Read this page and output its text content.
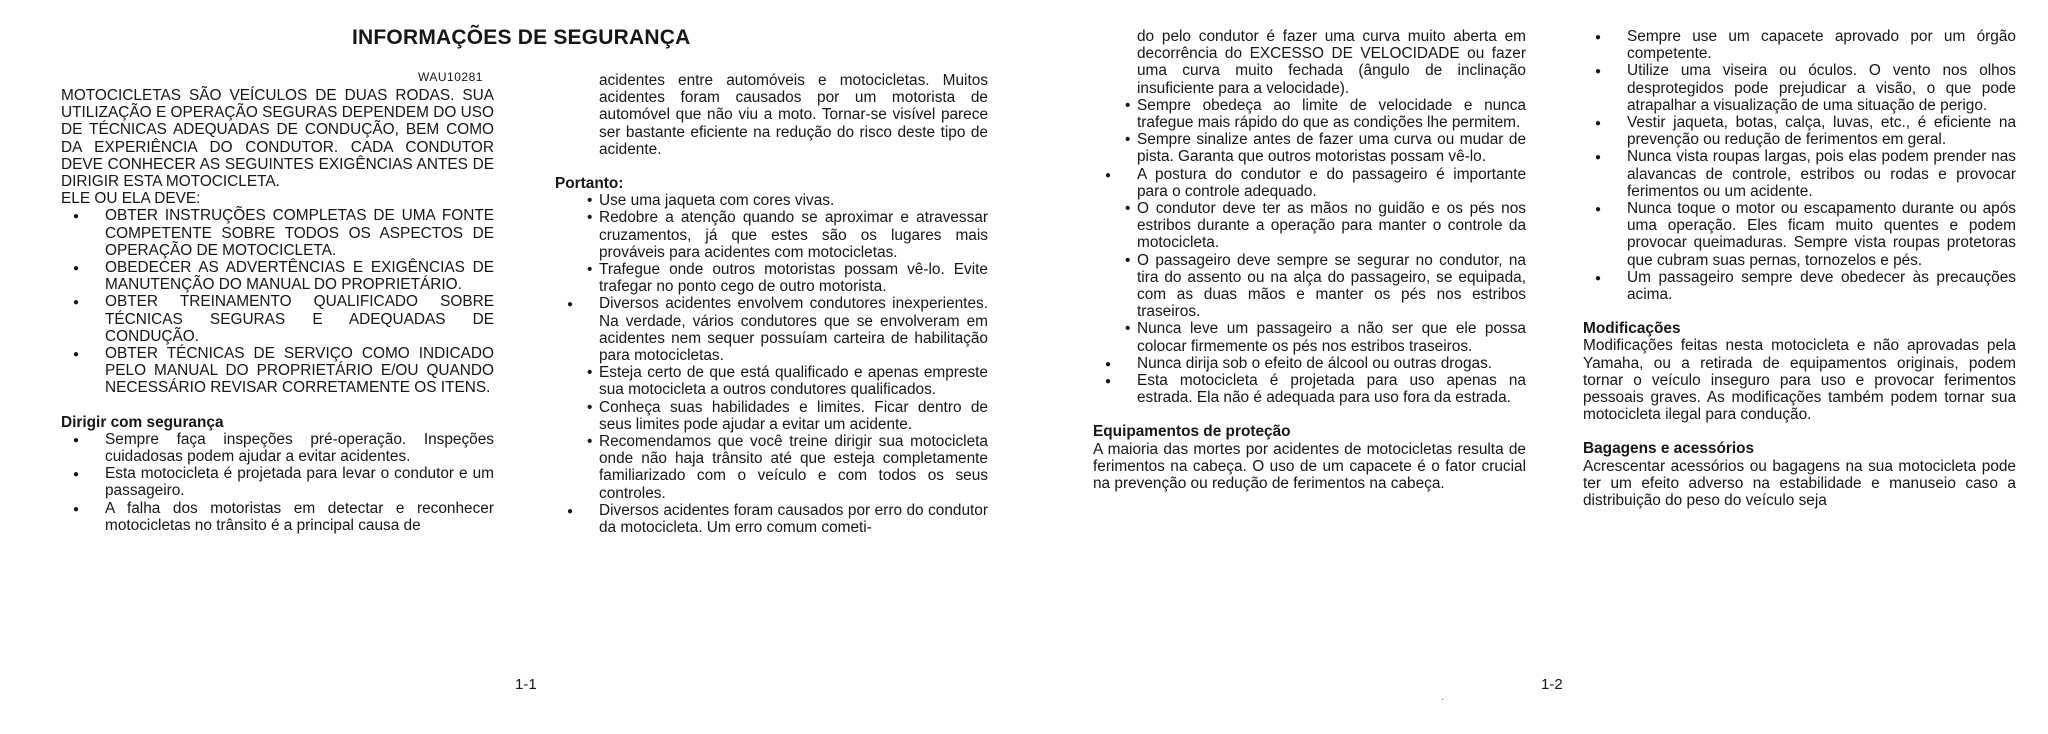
INFORMAÇÕES DE SEGURANÇA
WAU10281

MOTOCICLETAS SÃO VEÍCULOS DE DUAS RODAS. SUA UTILIZAÇÃO E OPERAÇÃO SEGURAS DEPENDEM DO USO DE TÉCNICAS ADEQUADAS DE CONDUÇÃO, BEM COMO DA EXPERIÊNCIA DO CONDUTOR. CADA CONDUTOR DEVE CONHECER AS SEGUINTES EXIGÊNCIAS ANTES DE DIRIGIR ESTA MOTOCICLETA.

ELE OU ELA DEVE:

● OBTER INSTRUÇÕES COMPLETAS DE UMA FONTE COMPETENTE SOBRE TODOS OS ASPECTOS DE OPERAÇÃO DE MOTOCICLETA.

● OBEDECER AS ADVERTÊNCIAS E EXIGÊNCIAS DE MANUTENÇÃO DO MANUAL DO PROPRIETÁRIO.

● OBTER TREINAMENTO QUALIFICADO SOBRE TÉCNICAS SEGURAS E ADEQUADAS DE CONDUÇÃO.

● OBTER TÉCNICAS DE SERVIÇO COMO INDICADO PELO MANUAL DO PROPRIETÁRIO E/OU QUANDO NECESSÁRIO REVISAR CORRETAMENTE OS ITENS.

Dirigir com segurança

● Sempre faça inspeções pré-operação. Inspeções cuidadosas podem ajudar a evitar acidentes.

● Esta motocicleta é projetada para levar o condutor e um passageiro.

● A falha dos motoristas em detectar e reconhecer motocicletas no trânsito é a principal causa de

acidentes entre automóveis e motocicletas. Muitos acidentes foram causados por um motorista de automóvel que não viu a moto. Tornar-se visível parece ser bastante eficiente na redução do risco deste tipo de acidente.

Portanto:

• Use uma jaqueta com cores vivas.

• Redobre a atenção quando se aproximar e atravessar cruzamentos, já que estes são os lugares mais prováveis para acidentes com motocicletas.

• Trafegue onde outros motoristas possam vê-lo. Evite trafegar no ponto cego de outro motorista.

● Diversos acidentes envolvem condutores inexperientes. Na verdade, vários condutores que se envolveram em acidentes nem sequer possuíam carteira de habilitação para motocicletas.

• Esteja certo de que está qualificado e apenas empreste sua motocicleta a outros condutores qualificados.

• Conheça suas habilidades e limites. Ficar dentro de seus limites pode ajudar a evitar um acidente.

• Recomendamos que você treine dirigir sua motocicleta onde não haja trânsito até que esteja completamente familiarizado com o veículo e com todos os seus controles.

● Diversos acidentes foram causados por erro do condutor da motocicleta. Um erro comum cometi-

1-1

do pelo condutor é fazer uma curva muito aberta em decorrência do EXCESSO DE VELOCIDADE ou fazer uma curva muito fechada (ângulo de inclinação insuficiente para a velocidade).

• Sempre obedeça ao limite de velocidade e nunca trafegue mais rápido do que as condições lhe permitem.

• Sempre sinalize antes de fazer uma curva ou mudar de pista. Garanta que outros motoristas possam vê-lo.

● A postura do condutor e do passageiro é importante para o controle adequado.

• O condutor deve ter as mãos no guidão e os pés nos estribos durante a operação para manter o controle da motocicleta.

• O passageiro deve sempre se segurar no condutor, na tira do assento ou na alça do passageiro, se equipada, com as duas mãos e manter os pés nos estribos traseiros.

• Nunca leve um passageiro a não ser que ele possa colocar firmemente os pés nos estribos traseiros.

● Nunca dirija sob o efeito de álcool ou outras drogas.

● Esta motocicleta é projetada para uso apenas na estrada. Ela não é adequada para uso fora da estrada.

Equipamentos de proteção

A maioria das mortes por acidentes de motocicletas resulta de ferimentos na cabeça. O uso de um capacete é o fator crucial na prevenção ou redução de ferimentos na cabeça.

● Sempre use um capacete aprovado por um órgão competente.

● Utilize uma viseira ou óculos. O vento nos olhos desprotegidos pode prejudicar a visão, o que pode atrapalhar a visualização de uma situação de perigo.

● Vestir jaqueta, botas, calça, luvas, etc., é eficiente na prevenção ou redução de ferimentos em geral.

● Nunca vista roupas largas, pois elas podem prender nas alavancas de controle, estribos ou rodas e provocar ferimentos ou um acidente.

● Nunca toque o motor ou escapamento durante ou após uma operação. Eles ficam muito quentes e podem provocar queimaduras. Sempre vista roupas protetoras que cubram suas pernas, tornozelos e pés.

● Um passageiro sempre deve obedecer às precauções acima.

Modificações

Modificações feitas nesta motocicleta e não aprovadas pela Yamaha, ou a retirada de equipamentos originais, podem tornar o veículo inseguro para uso e provocar ferimentos pessoais graves. As modificações também podem tornar sua motocicleta ilegal para condução.

Bagagens e acessórios

Acrescentar acessórios ou bagagens na sua motocicleta pode ter um efeito adverso na estabilidade e manuseio caso a distribuição do peso do veículo seja

1-2
·
